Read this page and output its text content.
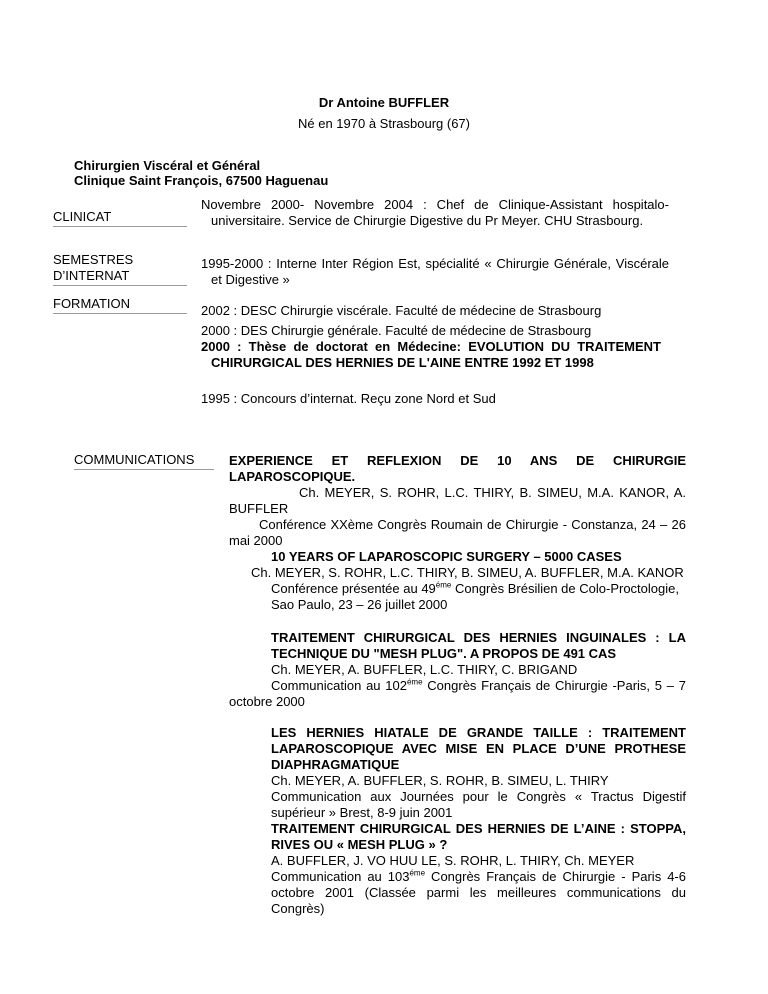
Dr Antoine BUFFLER
Né en 1970 à Strasbourg (67)
Chirurgien Viscéral et Général
Clinique Saint François, 67500 Haguenau
CLINICAT
Novembre 2000- Novembre 2004 : Chef de Clinique-Assistant hospitalo-universitaire. Service de Chirurgie Digestive du Pr Meyer. CHU Strasbourg.
SEMESTRES
D’INTERNAT
1995-2000 : Interne Inter Région Est, spécialité « Chirurgie Générale, Viscérale et Digestive »
FORMATION	2002 : DESC Chirurgie viscérale. Faculté de médecine de Strasbourg

2000 : DES Chirurgie générale. Faculté de médecine de Strasbourg

2000 : Thèse de doctorat en Médecine: EVOLUTION DU TRAITEMENT CHIRURGICAL DES HERNIES DE L'AINE ENTRE 1992 ET 1998

1995 : Concours d’internat. Reçu zone Nord et Sud

COMMUNICATIONS	EXPERIENCE ET REFLEXION DE 10 ANS DE CHIRURGIE LAPAROSCOPIQUE.

Ch. MEYER, S. ROHR, L.C. THIRY, B. SIMEU, M.A. KANOR, A. BUFFLER

Conférence XXème Congrès Roumain de Chirurgie - Constanza, 24 – 26 mai 2000

10 YEARS OF LAPAROSCOPIC SURGERY – 5000 CASES

Ch. MEYER, S. ROHR, L.C. THIRY, B. SIMEU, A. BUFFLER, M.A. KANOR

Conférence présentée au $49^{éme}$ Congrès Brésilien de Colo-Proctologie, Sao Paulo, 23 – 26 juillet 2000

TRAITEMENT CHIRURGICAL DES HERNIES INGUINALES : LA TECHNIQUE DU "MESH PLUG". A PROPOS DE 491 CAS

Ch. MEYER, A. BUFFLER, L.C. THIRY, C. BRIGAND

Communication au $102^{éme}$ Congrès Français de Chirurgie -Paris, 5 – 7 octobre 2000

LES HERNIES HIATALE DE GRANDE TAILLE : TRAITEMENT LAPAROSCOPIQUE AVEC MISE EN PLACE D’UNE PROTHESE DIAPHRAGMATIQUE

Ch. MEYER, A. BUFFLER, S. ROHR, B. SIMEU, L. THIRY

Communication aux Journées pour le Congrès « Tractus Digestif supérieur » Brest, 8-9 juin 2001

TRAITEMENT CHIRURGICAL DES HERNIES DE L’AINE : STOPPA, RIVES OU « MESH PLUG » ?

A. BUFFLER, J. VO HUU LE, S. ROHR, L. THIRY, Ch. MEYER

Communication au $103^{éme}$ Congrès Français de Chirurgie - Paris 4-6 octobre 2001 (Classée parmi les meilleures communications du Congrès)
